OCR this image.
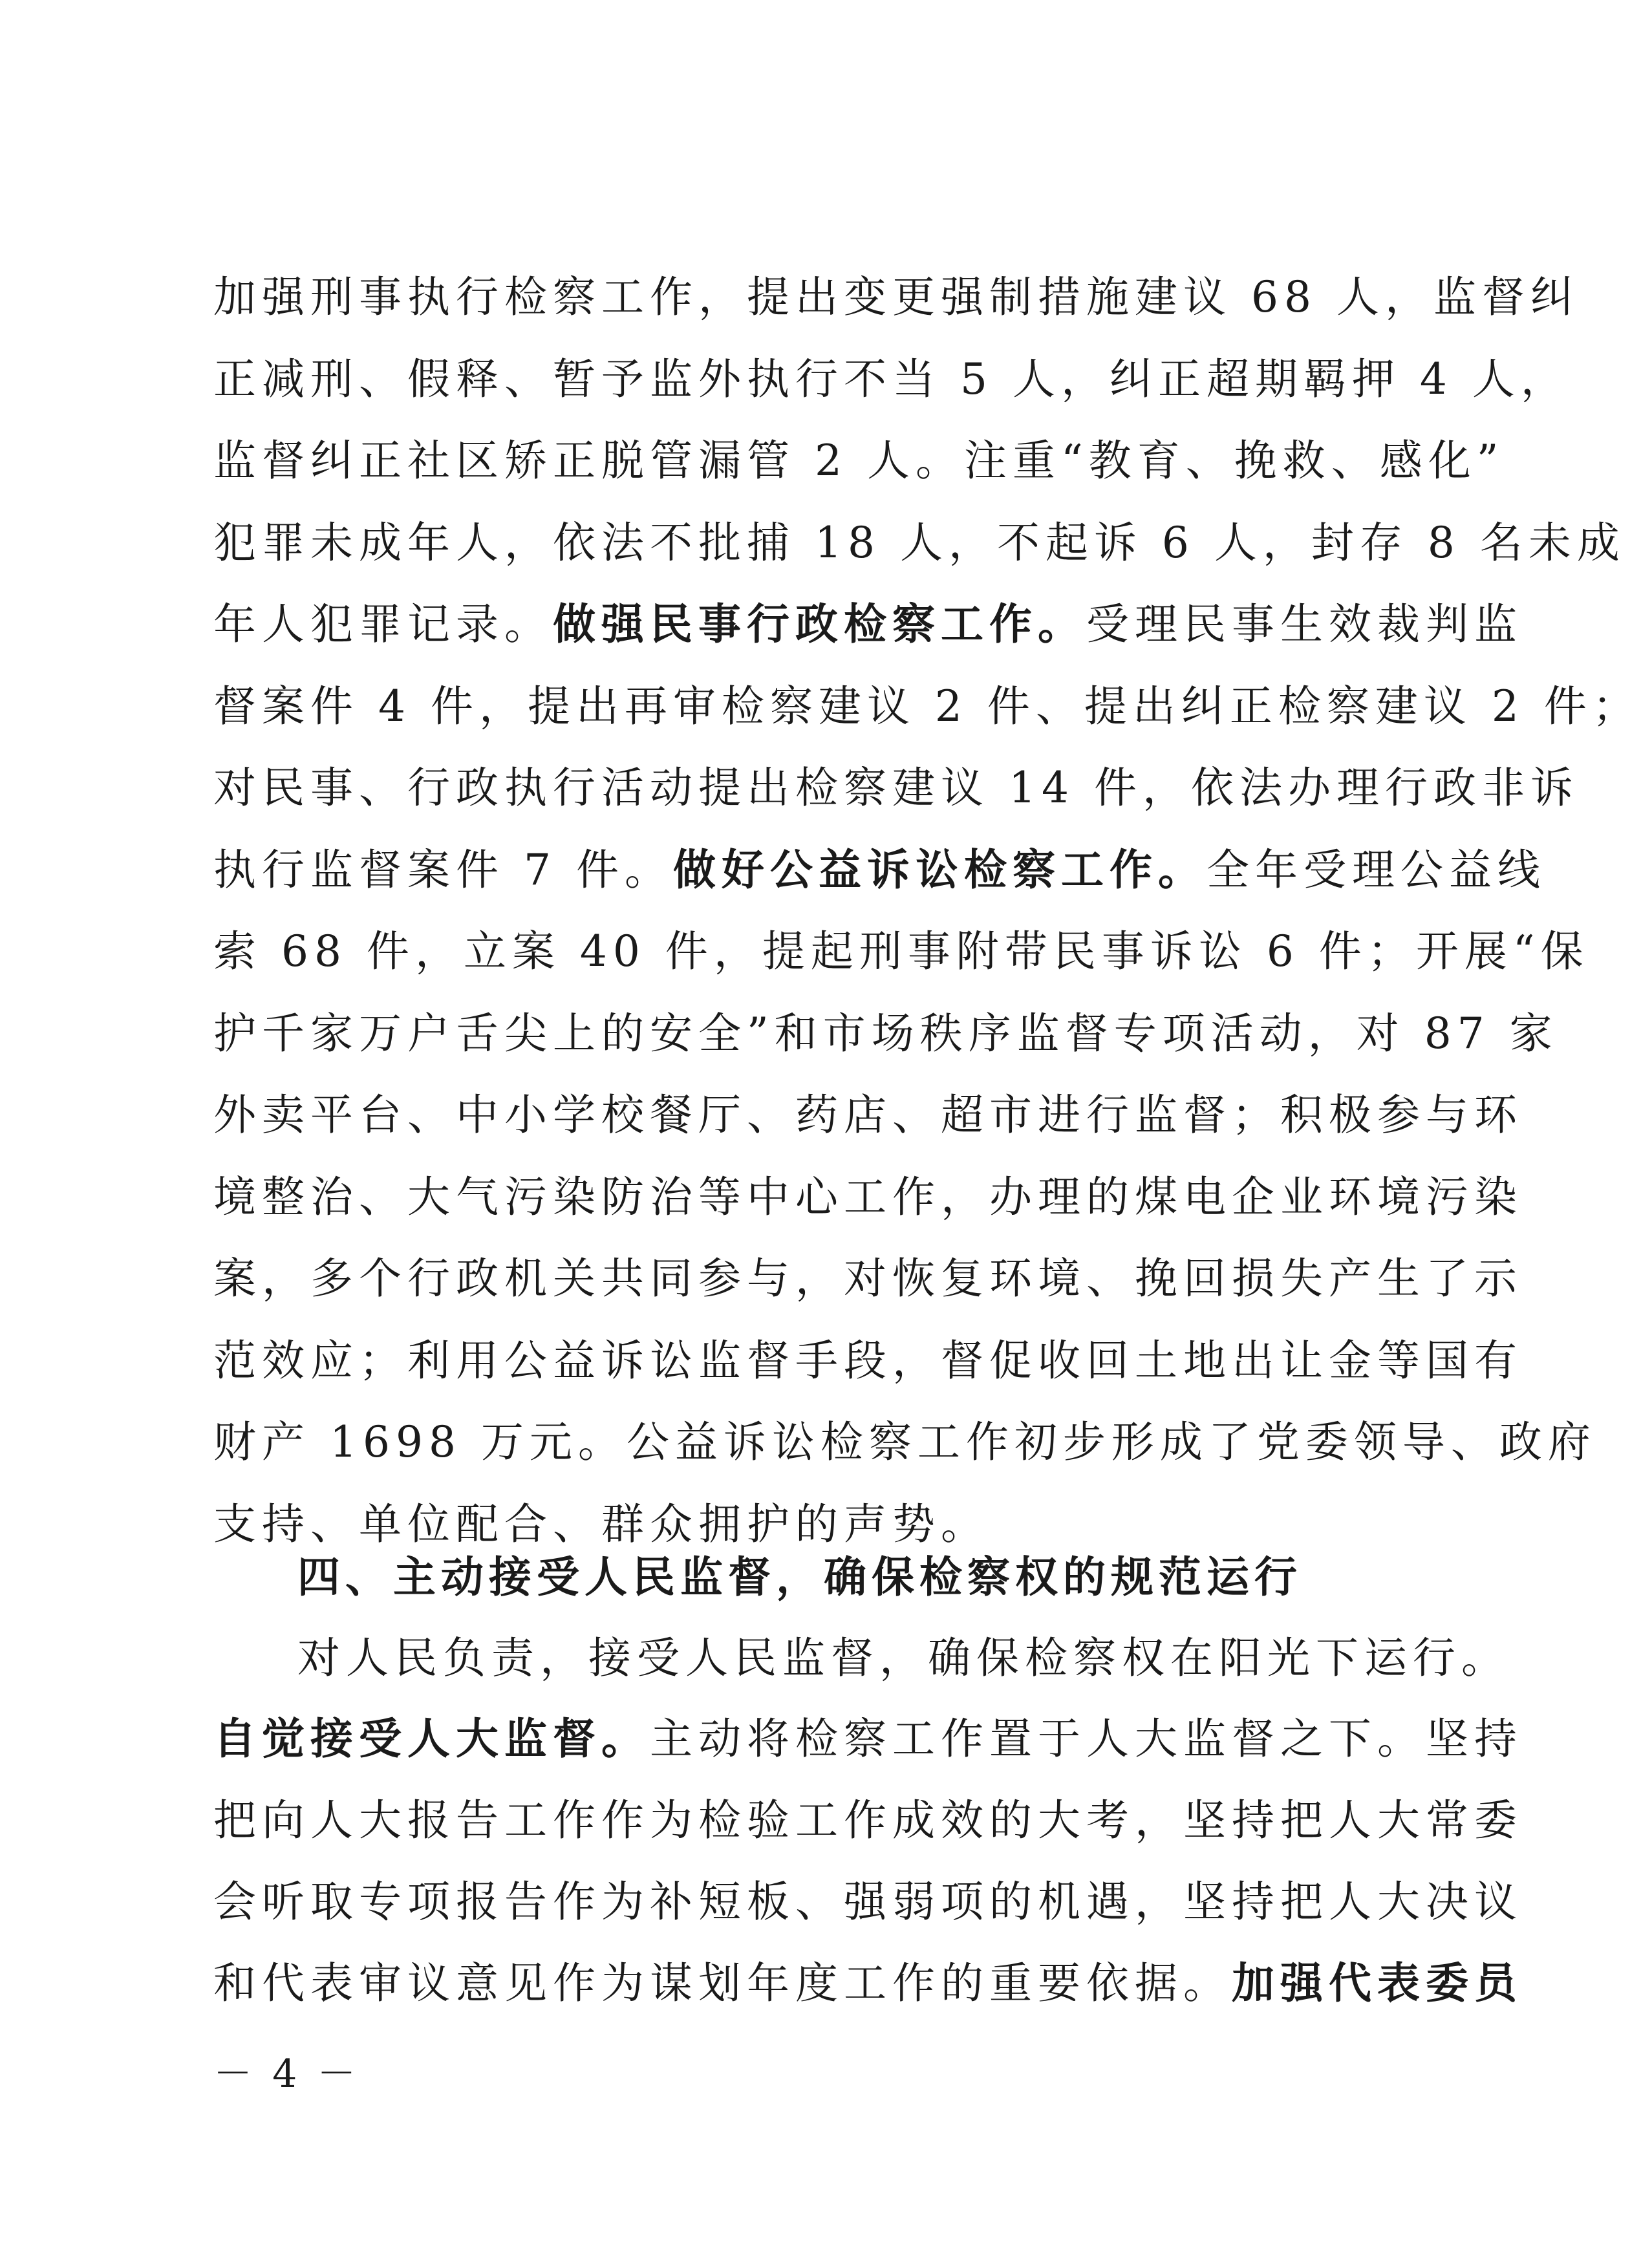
加强刑事执行检察工作，提出变更强制措施建议 68 人，监督纠
正减刑、假释、暂予监外执行不当 5 人，纠正超期羁押 4 人，
监督纠正社区矫正脱管漏管 2 人。注重“教育、挽救、感化”
犯罪未成年人，依法不批捕 18 人，不起诉 6 人，封存 8 名未成
年人犯罪记录。做强民事行政检察工作。受理民事生效裁判监
督案件 4 件，提出再审检察建议 2 件、提出纠正检察建议 2 件；
对民事、行政执行活动提出检察建议 14 件，依法办理行政非诉
执行监督案件 7 件。做好公益诉讼检察工作。全年受理公益线
索 68 件，立案 40 件，提起刑事附带民事诉讼 6 件；开展“保
护千家万户舌尖上的安全”和市场秩序监督专项活动，对 87 家
外卖平台、中小学校餐厅、药店、超市进行监督；积极参与环
境整治、大气污染防治等中心工作，办理的煤电企业环境污染
案，多个行政机关共同参与，对恢复环境、挽回损失产生了示
范效应；利用公益诉讼监督手段，督促收回土地出让金等国有
财产 1698 万元。公益诉讼检察工作初步形成了党委领导、政府
支持、单位配合、群众拥护的声势。
四、主动接受人民监督，确保检察权的规范运行
对人民负责，接受人民监督，确保检察权在阳光下运行。
自觉接受人大监督。主动将检察工作置于人大监督之下。坚持
把向人大报告工作作为检验工作成效的大考，坚持把人大常委
会听取专项报告作为补短板、强弱项的机遇，坚持把人大决议
和代表审议意见作为谋划年度工作的重要依据。加强代表委员
－ 4 －
